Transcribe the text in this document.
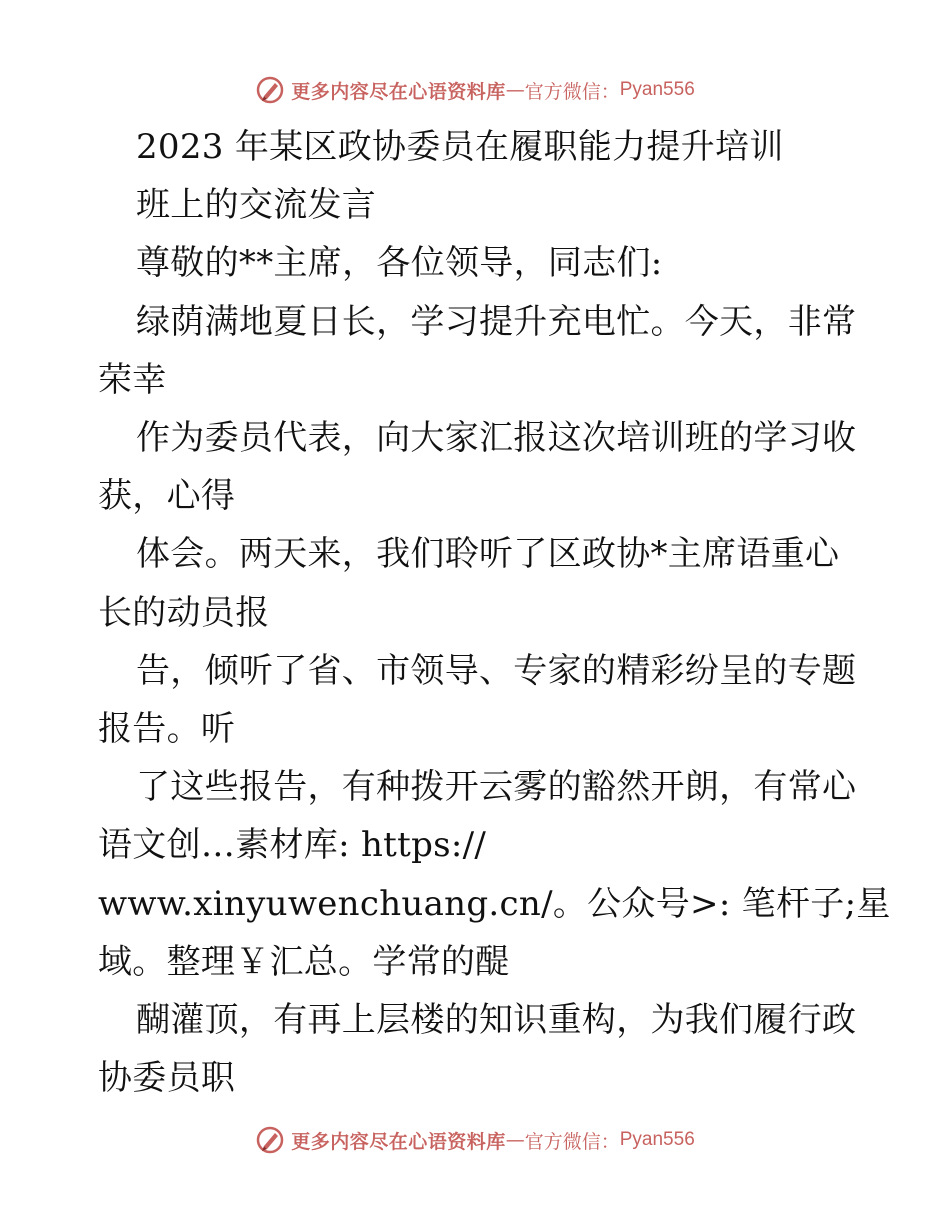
更多内容尽在心语资料库 — 官方微信： Pyan556
2023 年某区政协委员在履职能力提升培训
班上的交流发言
尊敬的**主席，各位领导，同志们:
绿荫满地夏日长，学习提升充电忙。今天，非常
荣幸
作为委员代表，向大家汇报这次培训班的学习收
获，心得
体会。两天来，我们聆听了区政协*主席语重心
长的动员报
告，倾听了省、市领导、专家的精彩纷呈的专题
报告。听
了这些报告，有种拨开云雾的豁然开朗，有常心
语文创…素材库: https://
www.xinyuwenchuang.cn/。公众号>: 笔杆子;星
域。整理￥汇总。学常的醍
醐灌顶，有再上层楼的知识重构，为我们履行政
协委员职
更多内容尽在心语资料库 — 官方微信： Pyan556
